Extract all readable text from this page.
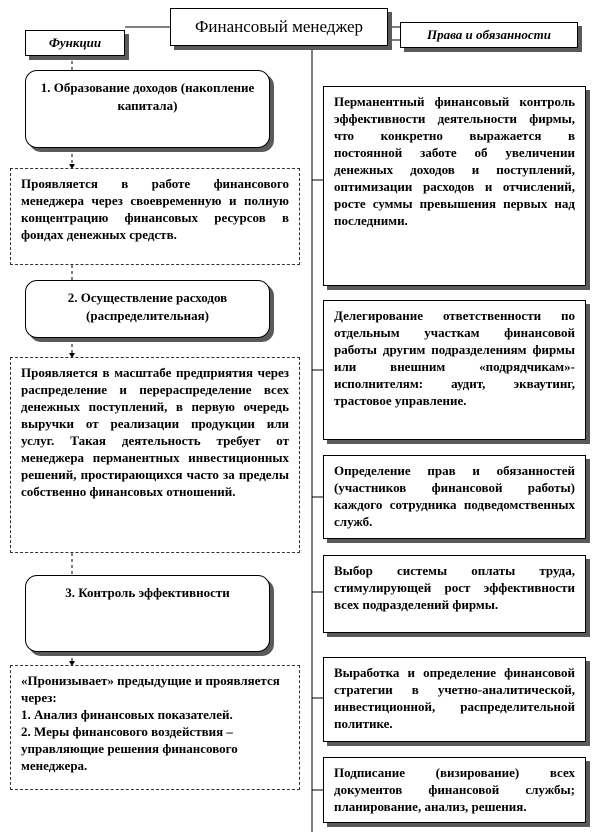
Финансовый менеджер
Функции
Права и обязанности
1. Образование доходов (накопление капитала)
Проявляется в работе финансового менеджера через своевременную и полную концентрацию финансовых ресурсов в фондах денежных средств.
2. Осуществление расходов (распределительная)
Проявляется в масштабе предприятия через распределение и перераспределение всех денежных поступлений, в первую очередь выручки от реализации продукции или услуг. Такая деятельность требует от менеджера перманентных инвестиционных решений, простирающихся часто за пределы собственно финансовых отношений.
3. Контроль эффективности
«Пронизывает» предыдущие и проявляется через:
1. Анализ финансовых показателей.
2. Меры финансового воздействия – управляющие решения финансового менеджера.
Перманентный финансовый контроль эффективности деятельности фирмы, что конкретно выражается в постоянной заботе об увеличении денежных доходов и поступлений, оптимизации расходов и отчислений, росте суммы превышения первых над последними.
Делегирование ответственности по отдельным участкам финансовой работы другим подразделениям фирмы или внешним «подрядчикам»- исполнителям: аудит, экваутинг, трастовое управление.
Определение прав и обязанностей (участников финансовой работы) каждого сотрудника подведомственных служб.
Выбор системы оплаты труда, стимулирующей рост эффективности всех подразделений фирмы.
Выработка и определение финансовой стратегии в учетно-аналитической, инвестиционной, распределительной политике.
Подписание (визирование) всех документов финансовой службы; планирование, анализ, решения.
